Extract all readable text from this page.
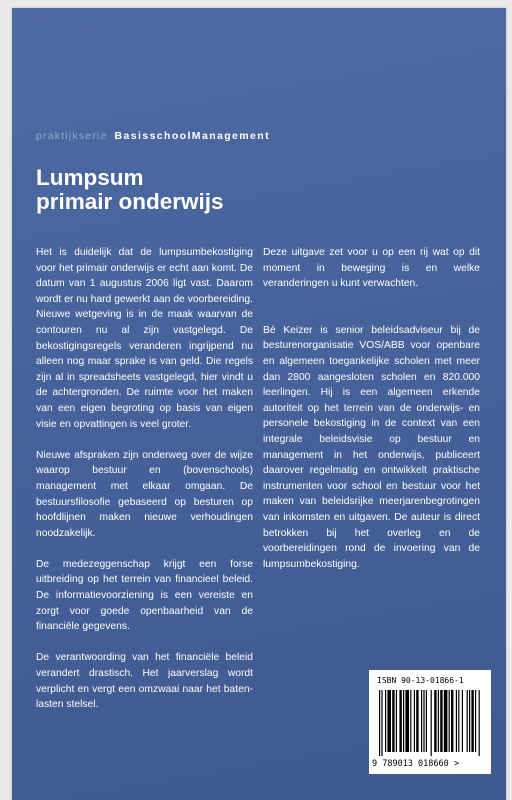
praktijkserie BasisschoolManagement
Lumpsum
primair onderwijs

Het is duidelijk dat de lumpsumbekostiging voor het primair onderwijs er echt aan komt. De datum van 1 augustus 2006 ligt vast. Daarom wordt er nu hard gewerkt aan de voorbereiding. Nieuwe wetgeving is in de maak waarvan de contouren nu al zijn vastgelegd. De bekostigingsregels veranderen ingrijpend nu alleen nog maar sprake is van geld. Die regels zijn al in spreadsheets vastgelegd, hier vindt u de achtergronden. De ruimte voor het maken van een eigen begroting op basis van eigen visie en opvattingen is veel groter.

Nieuwe afspraken zijn onderweg over de wijze waarop bestuur en (bovenschools) management met elkaar omgaan. De bestuursfilosofie gebaseerd op besturen op hoofdlijnen maken nieuwe verhoudingen noodzakelijk.

De medezeggenschap krijgt een forse uitbreiding op het terrein van financieel beleid. De informatievoorziening is een vereiste en zorgt voor goede openbaarheid van de financiële gegevens.

De verantwoording van het financiële beleid verandert drastisch. Het jaarverslag wordt verplicht en vergt een omzwaai naar het baten-lasten stelsel.

Deze uitgave zet voor u op een rij wat op dit moment in beweging is en welke veranderingen u kunt verwachten.

Bé Keizer is senior beleidsadviseur bij de besturenorganisatie VOS/ABB voor openbare en algemeen toegankelijke scholen met meer dan 2800 aangesloten scholen en 820.000 leerlingen. Hij is een algemeen erkende autoriteit op het terrein van de onderwijs- en personele bekostiging in de context van een integrale beleidsvisie op bestuur en management in het onderwijs, publiceert daarover regelmatig en ontwikkelt praktische instrumenten voor school en bestuur voor het maken van beleidsrijke meerjarenbegrotingen van inkomsten en uitgaven. De auteur is direct betrokken bij het overleg en de voorbereidingen rond de invoering van de lumpsumbekostiging.

ISBN 90-13-01866-1
9 789013 018660 >
